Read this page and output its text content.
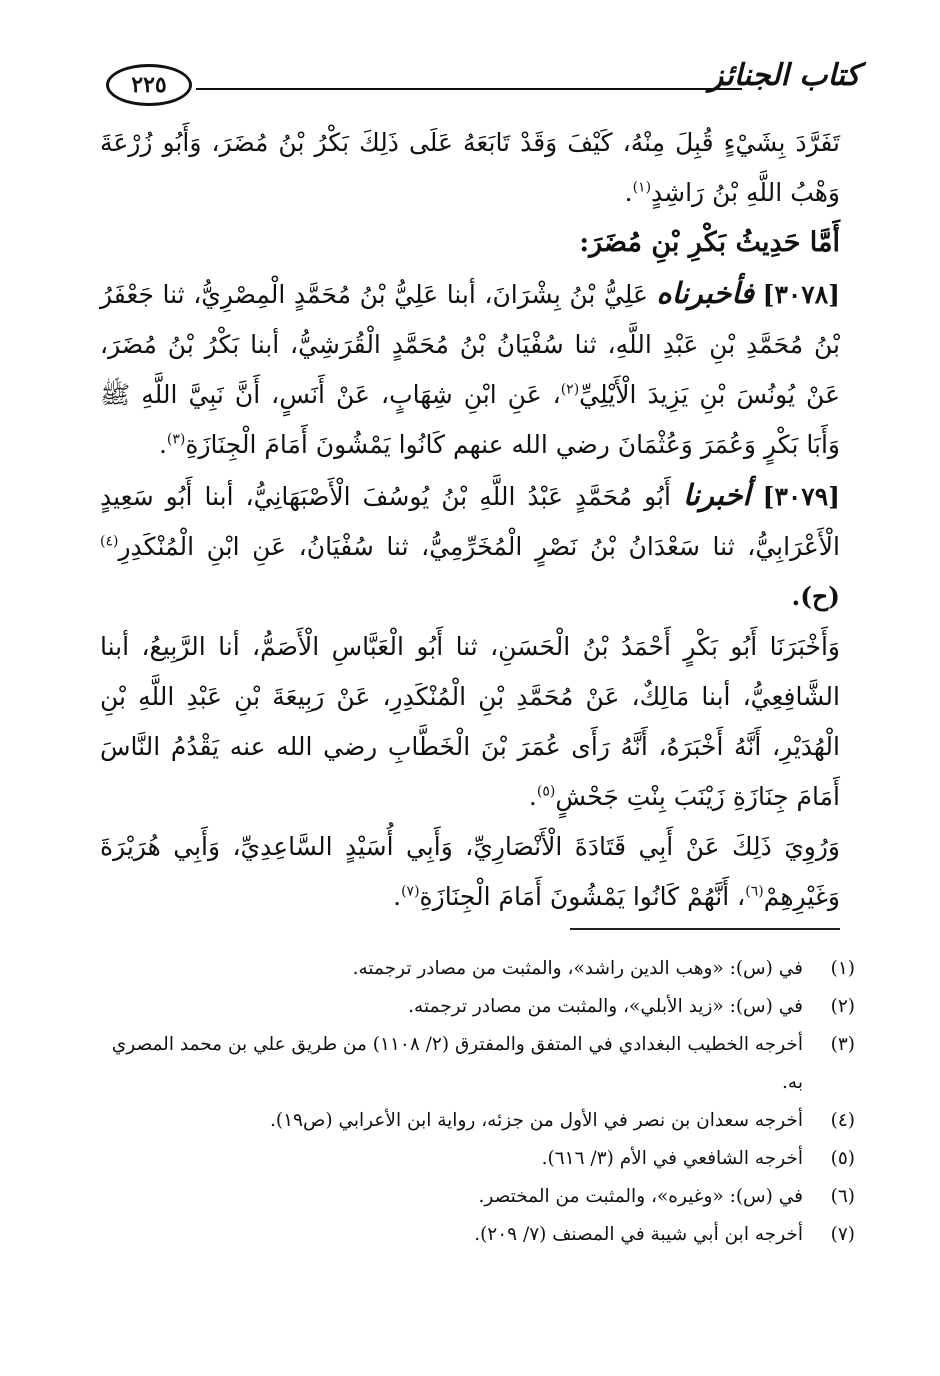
٢٢٥	كتاب الجنائز

تَفَرَّدَ بِشَيْءٍ قُبِلَ مِنْهُ، كَيْفَ وَقَدْ تَابَعَهُ عَلَى ذَلِكَ بَكْرُ بْنُ مُضَرَ، وَأَبُو زُرْعَةَ وَهْبُ اللَّهِ بْنُ رَاشِدٍ$^{(١)}$.

أَمَّا حَدِيثُ بَكْرِ بْنِ مُضَرَ:

[٣٠٧٨] فأخبرناه عَلِيُّ بْنُ بِشْرَانَ، أبنا عَلِيُّ بْنُ مُحَمَّدٍ الْمِصْرِيُّ، ثنا جَعْفَرُ بْنُ مُحَمَّدِ بْنِ عَبْدِ اللَّهِ، ثنا سُفْيَانُ بْنُ مُحَمَّدٍ الْقُرَشِيُّ، أبنا بَكْرُ بْنُ مُضَرَ، عَنْ يُونُسَ بْنِ يَزِيدَ الْأَيْلِيِّ$^{(٢)}$، عَنِ ابْنِ شِهَابٍ، عَنْ أَنَسٍ، أَنَّ نَبِيَّ اللَّهِ ﷺ وَأَبَا بَكْرٍ وَعُمَرَ وَعُثْمَانَ رضي الله عنهم كَانُوا يَمْشُونَ أَمَامَ الْجِنَازَةِ$^{(٣)}$.

[٣٠٧٩] أخبرنا أَبُو مُحَمَّدٍ عَبْدُ اللَّهِ بْنُ يُوسُفَ الْأَصْبَهَانِيُّ، أبنا أَبُو سَعِيدٍ الْأَعْرَابِيُّ، ثنا سَعْدَانُ بْنُ نَصْرٍ الْمُخَرِّمِيُّ، ثنا سُفْيَانُ، عَنِ ابْنِ الْمُنْكَدِرِ$^{(٤)}$ (ح).

وَأَخْبَرَنَا أَبُو بَكْرٍ أَحْمَدُ بْنُ الْحَسَنِ، ثنا أَبُو الْعَبَّاسِ الْأَصَمُّ، أنا الرَّبِيعُ، أبنا الشَّافِعِيُّ، أبنا مَالِكٌ، عَنْ مُحَمَّدِ بْنِ الْمُنْكَدِرِ، عَنْ رَبِيعَةَ بْنِ عَبْدِ اللَّهِ بْنِ الْهُدَيْرِ، أَنَّهُ أَخْبَرَهُ، أَنَّهُ رَأَى عُمَرَ بْنَ الْخَطَّابِ رضي الله عنه يَقْدُمُ النَّاسَ أَمَامَ جِنَازَةِ زَيْنَبَ بِنْتِ جَحْشٍ$^{(٥)}$.

وَرُوِيَ ذَلِكَ عَنْ أَبِي قَتَادَةَ الْأَنْصَارِيِّ، وَأَبِي أُسَيْدٍ السَّاعِدِيِّ، وَأَبِي هُرَيْرَةَ وَغَيْرِهِمْ$^{(٦)}$، أَنَّهُمْ كَانُوا يَمْشُونَ أَمَامَ الْجِنَازَةِ$^{(٧)}$.

(١)
في (س): «وهب الدين راشد»، والمثبت من مصادر ترجمته.
(٢)
في (س): «زيد الأبلي»، والمثبت من مصادر ترجمته.
(٣)
أخرجه الخطيب البغدادي في المتفق والمفترق (٢/ ١١٠٨) من طريق علي بن محمد المصري به.
(٤)
أخرجه سعدان بن نصر في الأول من جزئه، رواية ابن الأعرابي (ص١٩).
(٥)
أخرجه الشافعي في الأم (٣/ ٦١٦).
(٦)
في (س): «وغيره»، والمثبت من المختصر.
(٧)
أخرجه ابن أبي شيبة في المصنف (٧/ ٢٠٩).
